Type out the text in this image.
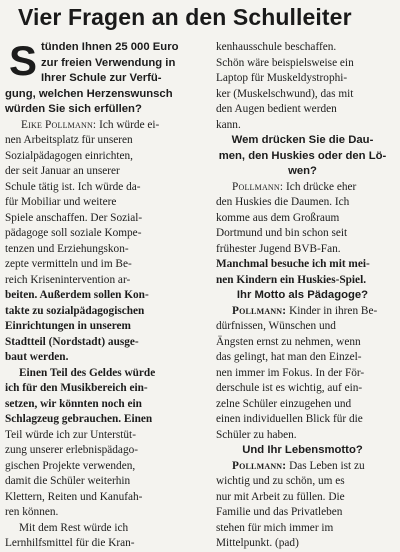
Vier Fragen an den Schulleiter
S tünden Ihnen 25 000 Euro
zur freien Verwendung in
Ihrer Schule zur Verfü-
gung, welchen Herzenswunsch
würden Sie sich erfüllen?
Eike Pollmann: Ich würde ei-
nen Arbeitsplatz für unseren
Sozialpädagogen einrichten,
der seit Januar an unserer
Schule tätig ist. Ich würde da-
für Mobiliar und weitere
Spiele anschaffen. Der Sozial-
pädagoge soll soziale Kompe-
tenzen und Erziehungskon-
zepte vermitteln und im Be-
reich Krisenintervention ar-
beiten. Außerdem sollen Kon-
takte zu sozialpädagogischen
Einrichtungen in unserem
Stadtteil (Nordstadt) ausge-
baut werden.
Einen Teil des Geldes würde
ich für den Musikbereich ein-
setzen, wir könnten noch ein
Schlagzeug gebrauchen. Einen
Teil würde ich zur Unterstüt-
zung unserer erlebnispädago-
gischen Projekte verwenden,
damit die Schüler weiterhin
Klettern, Reiten und Kanufah-
ren können.
Mit dem Rest würde ich
Lernhilfsmittel für die Kran-
kenhausschule beschaffen.
Schön wäre beispielsweise ein
Laptop für Muskeldystrophi-
ker (Muskelschwund), das mit
den Augen bedient werden
kann.
Wem drücken Sie die Dau-
men, den Huskies oder den Lö-
wen?
Pollmann: Ich drücke eher
den Huskies die Daumen. Ich
komme aus dem Großraum
Dortmund und bin schon seit
frühester Jugend BVB-Fan.
Manchmal besuche ich mit mei-
nen Kindern ein Huskies-Spiel.
Ihr Motto als Pädagoge?
Pollmann: Kinder in ihren Be-
dürfnissen, Wünschen und
Ängsten ernst zu nehmen, wenn
das gelingt, hat man den Einzel-
nen immer im Fokus. In der För-
derschule ist es wichtig, auf ein-
zelne Schüler einzugehen und
einen individuellen Blick für die
Schüler zu haben.
Und Ihr Lebensmotto?
Pollmann: Das Leben ist zu
wichtig und zu schön, um es
nur mit Arbeit zu füllen. Die
Familie und das Privatleben
stehen für mich immer im
Mittelpunkt. (pad)
